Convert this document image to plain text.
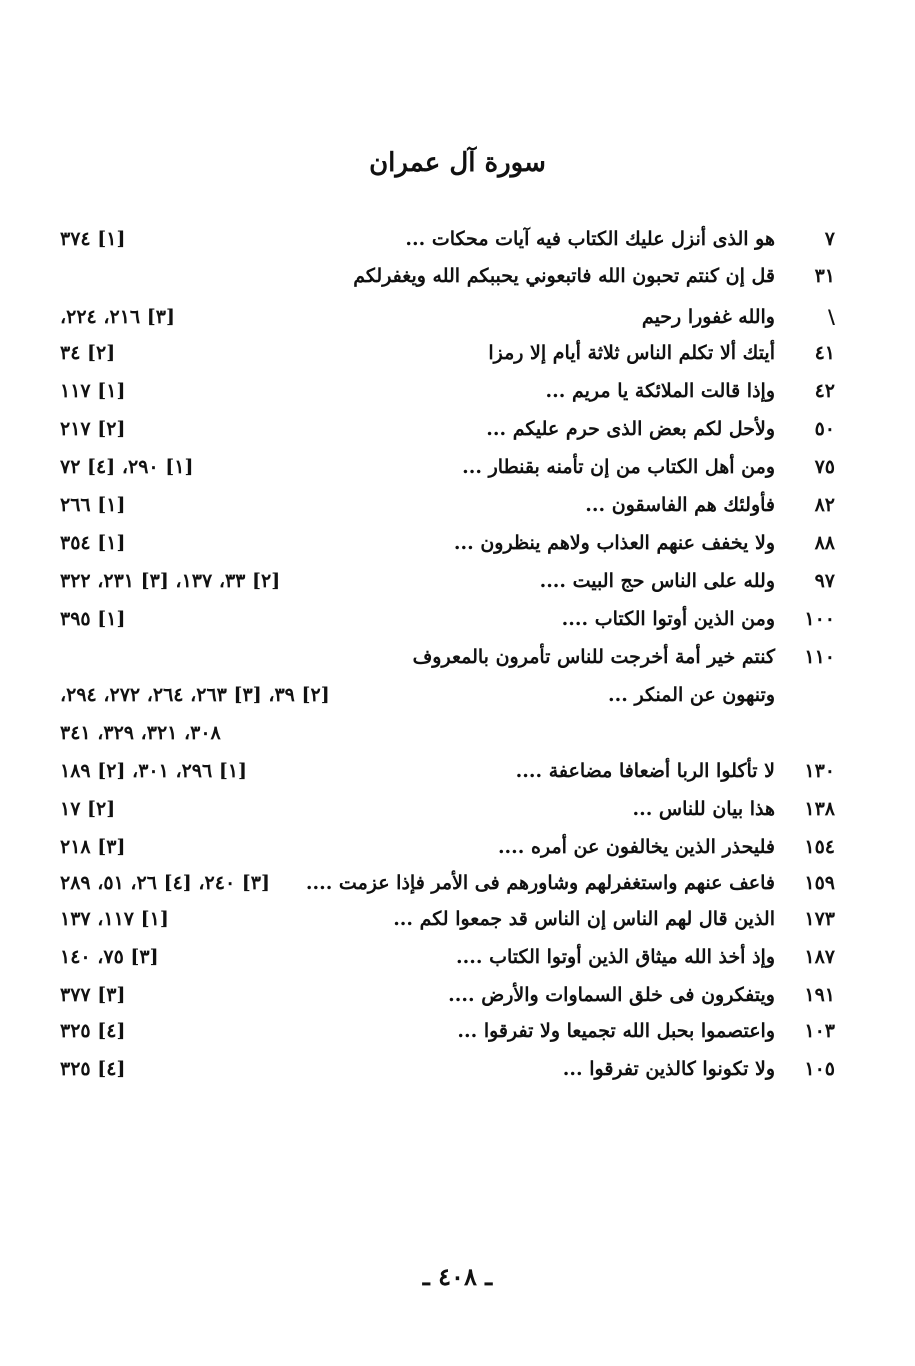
سورة آل عمران
٧
هو الذى أنزل عليك الكتاب فيه آيات محكات ...
[١] ٣٧٤
٣١
قل إن كنتم تحبون الله فاتبعوني يحببكم الله ويغفرلكم
\
والله غفورا رحيم
[٣] ٢١٦، ٢٢٤،
٤١
أيتك ألا تكلم الناس ثلاثة أيام إلا رمزا
[٢] ٣٤
٤٢
وإذا قالت الملائكة يا مريم ...
[١] ١١٧
٥٠
ولأحل لكم بعض الذى حرم عليكم ...
[٢] ٢١٧
٧٥
ومن أهل الكتاب من إن تأمنه بقنطار ...
[١] ٢٩٠، [٤] ٧٢
٨٢
فأولئك هم الفاسقون ...
[١] ٢٦٦
٨٨
ولا يخفف عنهم العذاب ولاهم ينظرون ...
[١] ٣٥٤
٩٧
ولله على الناس حج البيت ....
[٢] ٣٣، ١٣٧، [٣] ٢٣١، ٣٢٢
١٠٠
ومن الذين أوتوا الكتاب ....
[١] ٣٩٥
١١٠
كنتم خير أمة أخرجت للناس تأمرون بالمعروف
وتنهون عن المنكر ...
[٢] ٣٩، [٣] ٢٦٣، ٢٦٤، ٢٧٢، ٢٩٤،
٣٠٨، ٣٢١، ٣٢٩، ٣٤١
١٣٠
لا تأكلوا الربا أضعافا مضاعفة ....
[١] ٢٩٦، ٣٠١، [٢] ١٨٩
١٣٨
هذا بيان للناس ...
[٢] ١٧
١٥٤
فليحذر الذين يخالفون عن أمره ....
[٣] ٢١٨
١٥٩
فاعف عنهم واستغفرلهم وشاورهم فى الأمر فإذا عزمت ....
[٣] ٢٤٠، [٤] ٢٦، ٥١، ٢٨٩
١٧٣
الذين قال لهم الناس إن الناس قد جمعوا لكم ...
[١] ١١٧، ١٣٧
١٨٧
وإذ أخذ الله ميثاق الذين أوتوا الكتاب ....
[٣] ٧٥، ١٤٠
١٩١
ويتفكرون فى خلق السماوات والأرض ....
[٣] ٣٧٧
١٠٣
واعتصموا بحبل الله تجميعا ولا تفرقوا ...
[٤] ٣٢٥
١٠٥
ولا تكونوا كالذين تفرقوا ...
[٤] ٣٢٥
ـ ٤٠٨ ـ
